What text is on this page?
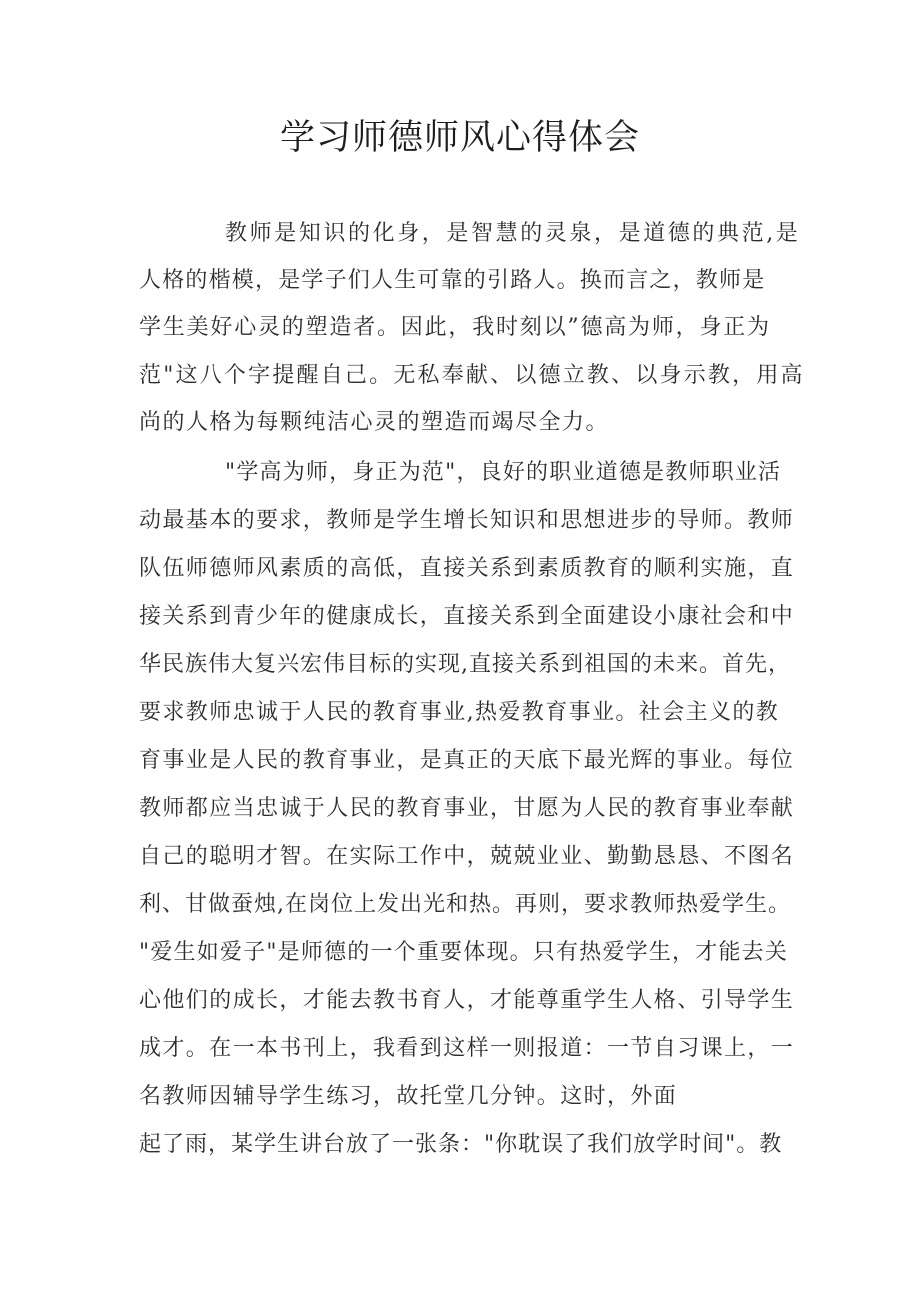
学习师德师风心得体会
教师是知识的化身，是智慧的灵泉，是道德的典范,是
人格的楷模，是学子们人生可靠的引路人。换而言之，教师是
学生美好心灵的塑造者。因此，我时刻以”德高为师，身正为
范"这八个字提醒自己。无私奉献、以德立教、以身示教，用高
尚的人格为每颗纯洁心灵的塑造而竭尽全力。
"学高为师，身正为范"，良好的职业道德是教师职业活
动最基本的要求，教师是学生增长知识和思想进步的导师。教师
队伍师德师风素质的高低，直接关系到素质教育的顺利实施，直
接关系到青少年的健康成长，直接关系到全面建设小康社会和中
华民族伟大复兴宏伟目标的实现,直接关系到祖国的未来。首先，
要求教师忠诚于人民的教育事业,热爱教育事业。社会主义的教
育事业是人民的教育事业，是真正的天底下最光辉的事业。每位
教师都应当忠诚于人民的教育事业，甘愿为人民的教育事业奉献
自己的聪明才智。在实际工作中，兢兢业业、勤勤恳恳、不图名
利、甘做蚕烛,在岗位上发出光和热。再则，要求教师热爱学生。
"爱生如爱子"是师德的一个重要体现。只有热爱学生，才能去关
心他们的成长，才能去教书育人，才能尊重学生人格、引导学生
成才。在一本书刊上，我看到这样一则报道：一节自习课上，一
名教师因辅导学生练习，故托堂几分钟。这时，外面
起了雨，某学生讲台放了一张条："你耽误了我们放学时间"。教
